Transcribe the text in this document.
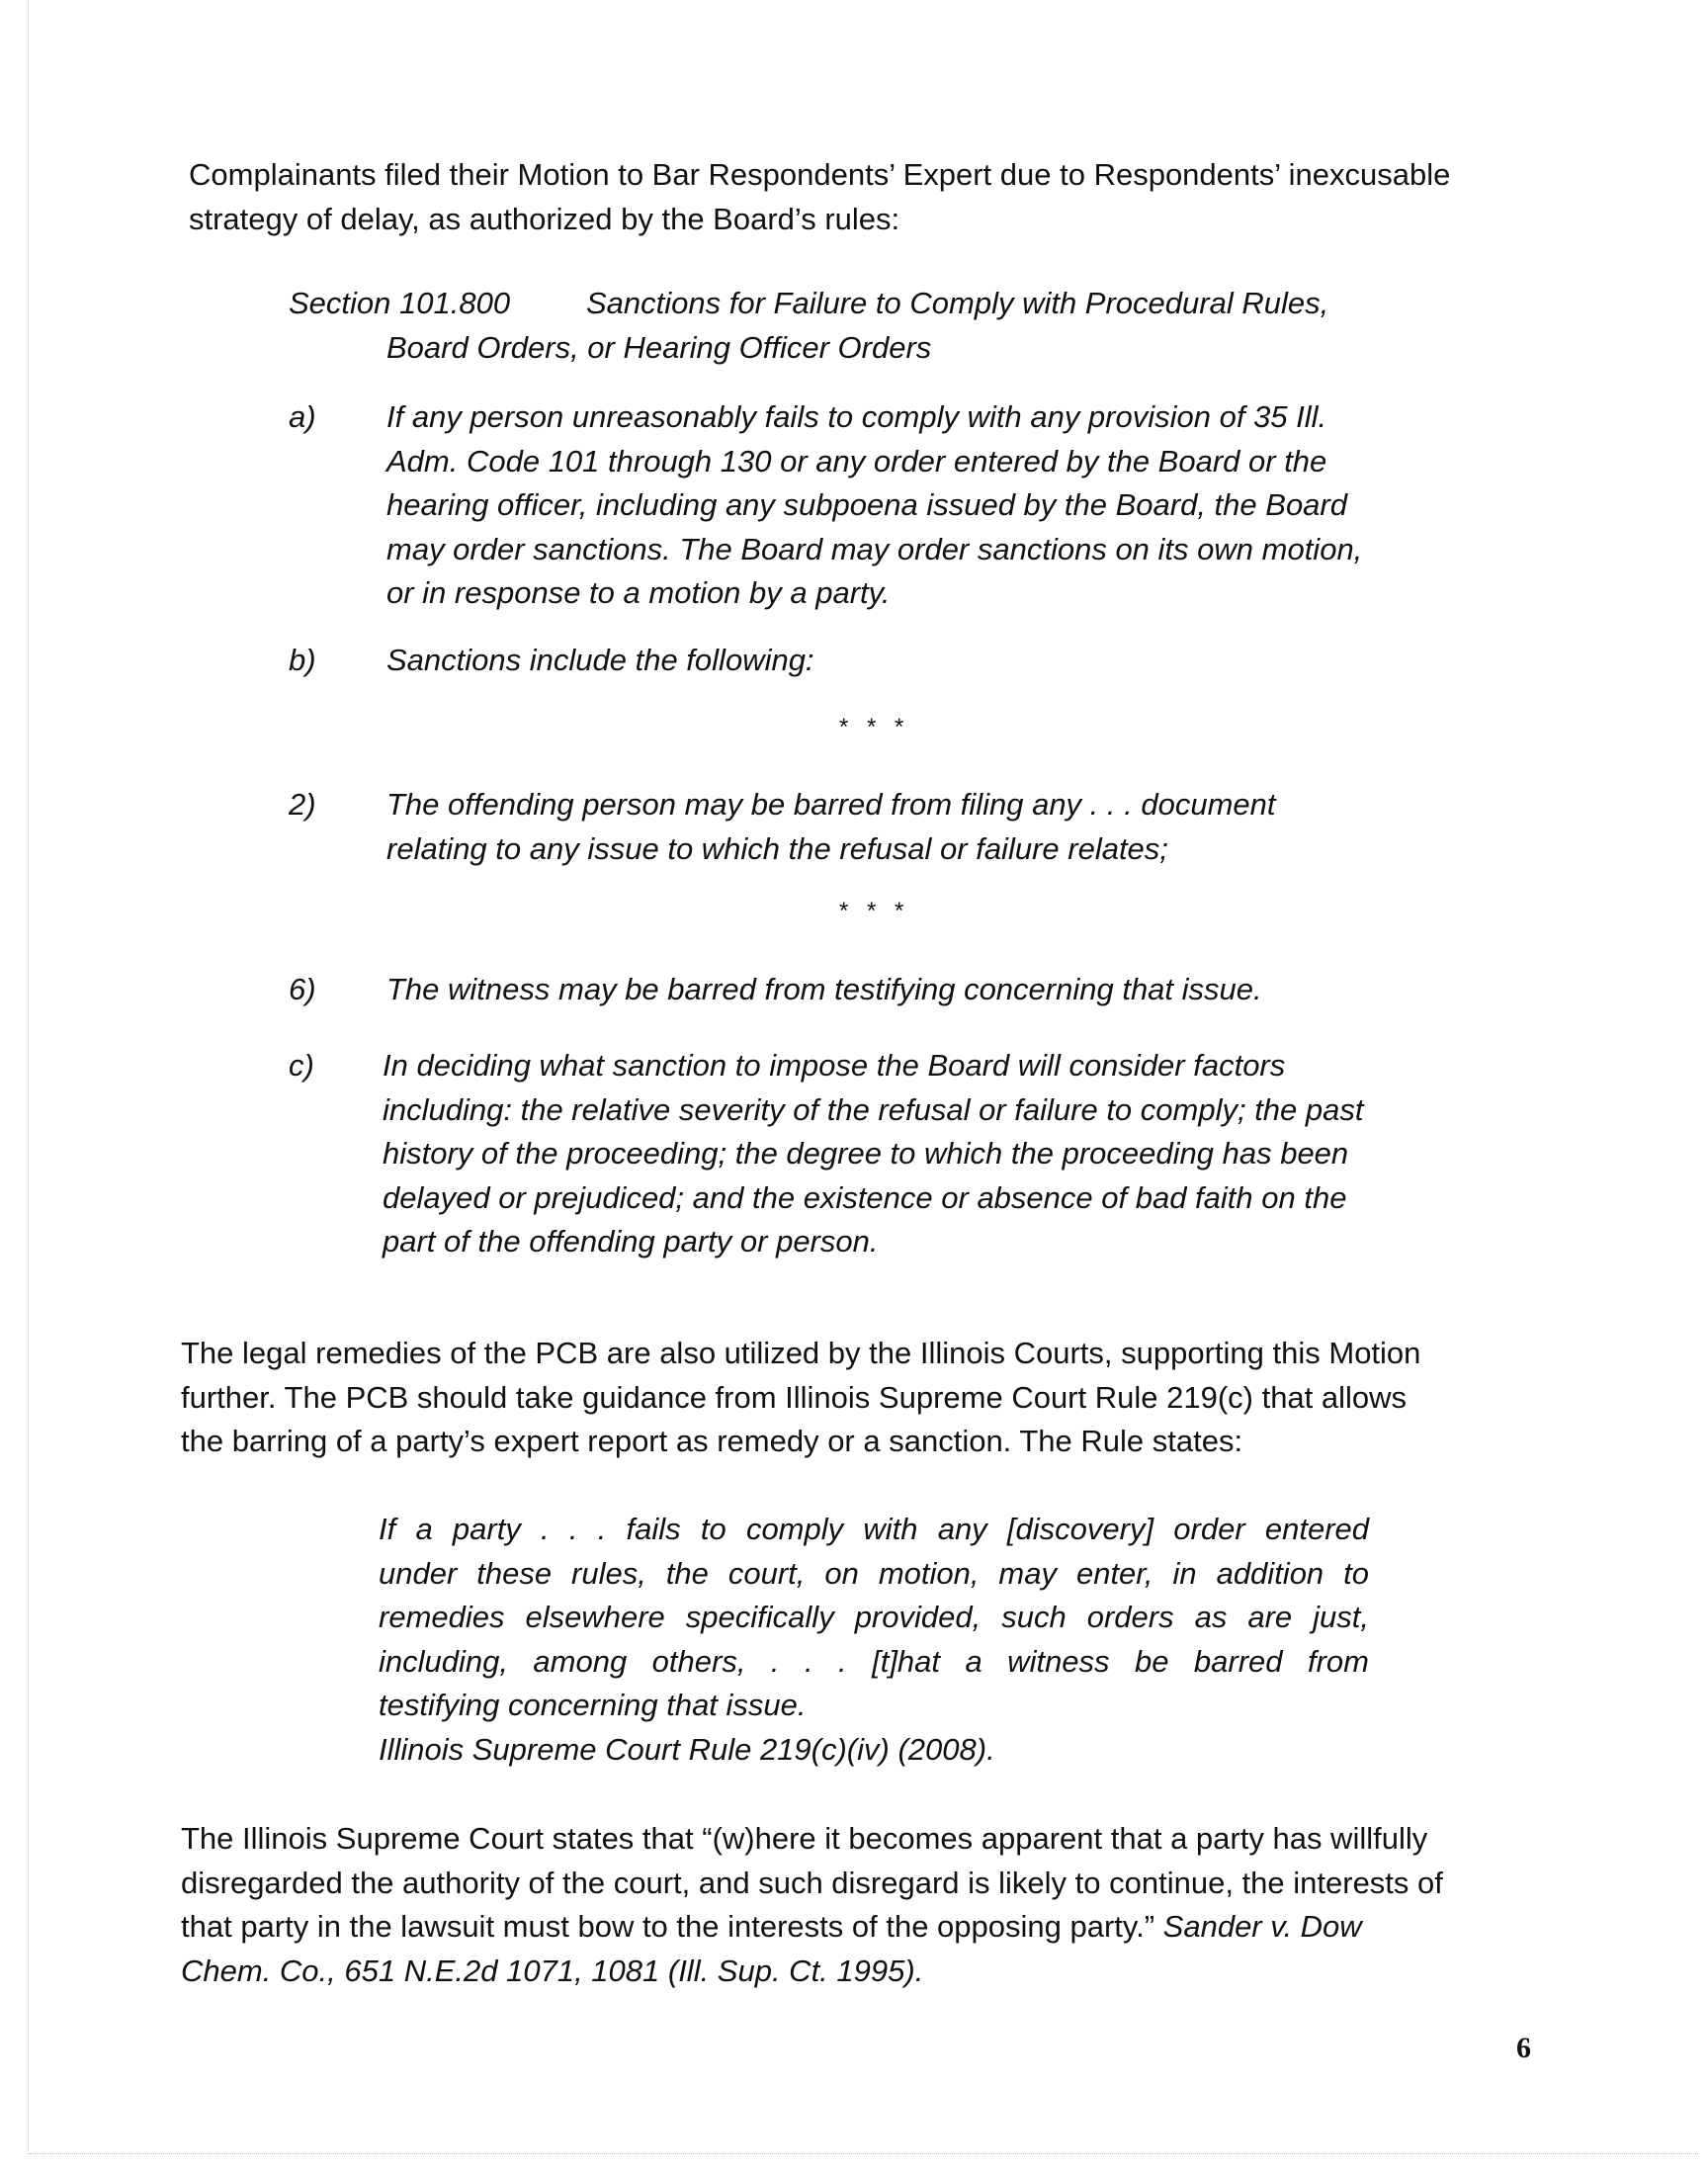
Complainants filed their Motion to Bar Respondents’ Expert due to Respondents’ inexcusable
strategy of delay, as authorized by the Board’s rules:

Section 101.800 Sanctions for Failure to Comply with Procedural Rules,
Board Orders, or Hearing Officer Orders
a) If any person unreasonably fails to comply with any provision of 35 Ill.
Adm. Code 101 through 130 or any order entered by the Board or the
hearing officer, including any subpoena issued by the Board, the Board
may order sanctions. The Board may order sanctions on its own motion,
or in response to a motion by a party.

b) Sanctions include the following:

* * *
2) The offending person may be barred from filing any . . . document
relating to any issue to which the refusal or failure relates;

* * *
6) The witness may be barred from testifying concerning that issue.

c) In deciding what sanction to impose the Board will consider factors
including: the relative severity of the refusal or failure to comply; the past
history of the proceeding; the degree to which the proceeding has been
delayed or prejudiced; and the existence or absence of bad faith on the
part of the offending party or person.

The legal remedies of the PCB are also utilized by the Illinois Courts, supporting this Motion
further. The PCB should take guidance from Illinois Supreme Court Rule 219(c) that allows
the barring of a party’s expert report as remedy or a sanction. The Rule states:

If a party . . . fails to comply with any [discovery] order entered
under these rules, the court, on motion, may enter, in addition to
remedies elsewhere specifically provided, such orders as are just,
including, among others, . . . [t]hat a witness be barred from
testifying concerning that issue.
Illinois Supreme Court Rule 219(c)(iv) (2008).

The Illinois Supreme Court states that “(w)here it becomes apparent that a party has willfully
disregarded the authority of the court, and such disregard is likely to continue, the interests of
that party in the lawsuit must bow to the interests of the opposing party.” Sander v. Dow
Chem. Co., 651 N.E.2d 1071, 1081 (Ill. Sup. Ct. 1995).

6
